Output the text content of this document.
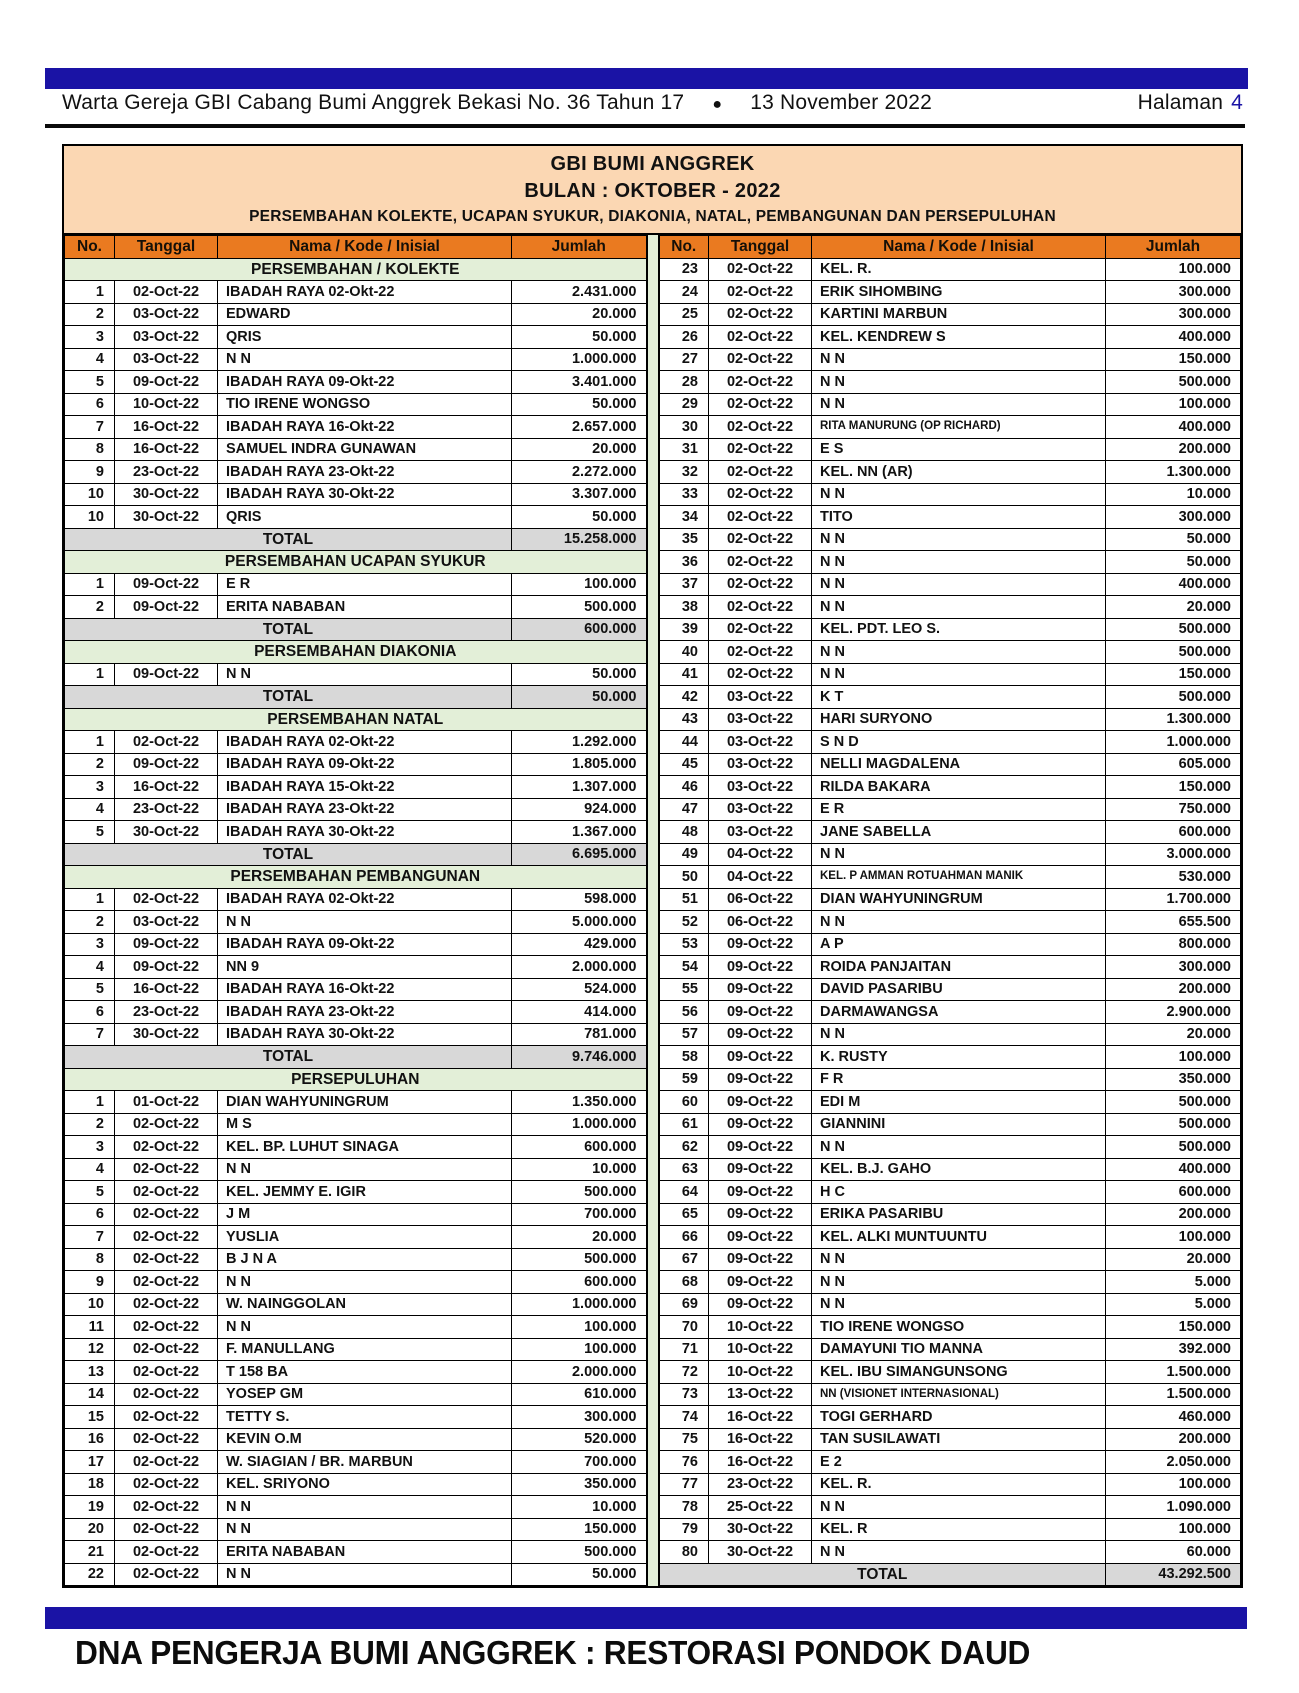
Warta Gereja GBI Cabang Bumi Anggrek Bekasi No. 36 Tahun 17 ● 13 November 2022	Halaman 4
GBI BUMI ANGGREK
BULAN : OKTOBER - 2022
PERSEMBAHAN KOLEKTE, UCAPAN SYUKUR, DIAKONIA, NATAL, PEMBANGUNAN DAN PERSEPULUHAN
No.	Tanggal	Nama / Kode / Inisial	Jumlah
PERSEMBAHAN / KOLEKTE			
1	02-Oct-22	IBADAH RAYA 02-Okt-22	2.431.000
2	03-Oct-22	EDWARD	20.000
3	03-Oct-22	QRIS	50.000
4	03-Oct-22	N N	1.000.000
5	09-Oct-22	IBADAH RAYA 09-Okt-22	3.401.000
6	10-Oct-22	TIO IRENE WONGSO	50.000
7	16-Oct-22	IBADAH RAYA 16-Okt-22	2.657.000
8	16-Oct-22	SAMUEL INDRA GUNAWAN	20.000
9	23-Oct-22	IBADAH RAYA 23-Okt-22	2.272.000
10	30-Oct-22	IBADAH RAYA 30-Okt-22	3.307.000
10	30-Oct-22	QRIS	50.000
TOTAL			15.258.000
PERSEMBAHAN UCAPAN SYUKUR			
1	09-Oct-22	E R	100.000
2	09-Oct-22	ERITA NABABAN	500.000
TOTAL			600.000
PERSEMBAHAN DIAKONIA			
1	09-Oct-22	N N	50.000
TOTAL			50.000
PERSEMBAHAN NATAL			
1	02-Oct-22	IBADAH RAYA 02-Okt-22	1.292.000
2	09-Oct-22	IBADAH RAYA 09-Okt-22	1.805.000
3	16-Oct-22	IBADAH RAYA 15-Okt-22	1.307.000
4	23-Oct-22	IBADAH RAYA 23-Okt-22	924.000
5	30-Oct-22	IBADAH RAYA 30-Okt-22	1.367.000
TOTAL			6.695.000
PERSEMBAHAN PEMBANGUNAN			
1	02-Oct-22	IBADAH RAYA 02-Okt-22	598.000
2	03-Oct-22	N N	5.000.000
3	09-Oct-22	IBADAH RAYA 09-Okt-22	429.000
4	09-Oct-22	NN 9	2.000.000
5	16-Oct-22	IBADAH RAYA 16-Okt-22	524.000
6	23-Oct-22	IBADAH RAYA 23-Okt-22	414.000
7	30-Oct-22	IBADAH RAYA 30-Okt-22	781.000
TOTAL			9.746.000
PERSEPULUHAN			
1	01-Oct-22	DIAN WAHYUNINGRUM	1.350.000
2	02-Oct-22	M S	1.000.000
3	02-Oct-22	KEL. BP. LUHUT SINAGA	600.000
4	02-Oct-22	N N	10.000
5	02-Oct-22	KEL. JEMMY E. IGIR	500.000
6	02-Oct-22	J M	700.000
7	02-Oct-22	YUSLIA	20.000
8	02-Oct-22	B J N A	500.000
9	02-Oct-22	N N	600.000
10	02-Oct-22	W. NAINGGOLAN	1.000.000
11	02-Oct-22	N N	100.000
12	02-Oct-22	F. MANULLANG	100.000
13	02-Oct-22	T 158 BA	2.000.000
14	02-Oct-22	YOSEP GM	610.000
15	02-Oct-22	TETTY S.	300.000
16	02-Oct-22	KEVIN O.M	520.000
17	02-Oct-22	W. SIAGIAN / BR. MARBUN	700.000
18	02-Oct-22	KEL. SRIYONO	350.000
19	02-Oct-22	N N	10.000
20	02-Oct-22	N N	150.000
21	02-Oct-22	ERITA NABABAN	500.000
22	02-Oct-22	N N	50.000
No.	Tanggal	Nama / Kode / Inisial	Jumlah
23	02-Oct-22	KEL. R.	100.000
24	02-Oct-22	ERIK SIHOMBING	300.000
25	02-Oct-22	KARTINI MARBUN	300.000
26	02-Oct-22	KEL. KENDREW S	400.000
27	02-Oct-22	N N	150.000
28	02-Oct-22	N N	500.000
29	02-Oct-22	N N	100.000
30	02-Oct-22	RITA MANURUNG (OP RICHARD)	400.000
31	02-Oct-22	E S	200.000
32	02-Oct-22	KEL. NN (AR)	1.300.000
33	02-Oct-22	N N	10.000
34	02-Oct-22	TITO	300.000
35	02-Oct-22	N N	50.000
36	02-Oct-22	N N	50.000
37	02-Oct-22	N N	400.000
38	02-Oct-22	N N	20.000
39	02-Oct-22	KEL. PDT. LEO S.	500.000
40	02-Oct-22	N N	500.000
41	02-Oct-22	N N	150.000
42	03-Oct-22	K T	500.000
43	03-Oct-22	HARI SURYONO	1.300.000
44	03-Oct-22	S N D	1.000.000
45	03-Oct-22	NELLI MAGDALENA	605.000
46	03-Oct-22	RILDA BAKARA	150.000
47	03-Oct-22	E R	750.000
48	03-Oct-22	JANE SABELLA	600.000
49	04-Oct-22	N N	3.000.000
50	04-Oct-22	KEL. P AMMAN ROTUAHMAN MANIK	530.000
51	06-Oct-22	DIAN WAHYUNINGRUM	1.700.000
52	06-Oct-22	N N	655.500
53	09-Oct-22	A P	800.000
54	09-Oct-22	ROIDA PANJAITAN	300.000
55	09-Oct-22	DAVID PASARIBU	200.000
56	09-Oct-22	DARMAWANGSA	2.900.000
57	09-Oct-22	N N	20.000
58	09-Oct-22	K. RUSTY	100.000
59	09-Oct-22	F R	350.000
60	09-Oct-22	EDI M	500.000
61	09-Oct-22	GIANNINI	500.000
62	09-Oct-22	N N	500.000
63	09-Oct-22	KEL. B.J. GAHO	400.000
64	09-Oct-22	H C	600.000
65	09-Oct-22	ERIKA PASARIBU	200.000
66	09-Oct-22	KEL. ALKI MUNTUUNTU	100.000
67	09-Oct-22	N N	20.000
68	09-Oct-22	N N	5.000
69	09-Oct-22	N N	5.000
70	10-Oct-22	TIO IRENE WONGSO	150.000
71	10-Oct-22	DAMAYUNI TIO MANNA	392.000
72	10-Oct-22	KEL. IBU SIMANGUNSONG	1.500.000
73	13-Oct-22	NN (VISIONET INTERNASIONAL)	1.500.000
74	16-Oct-22	TOGI GERHARD	460.000
75	16-Oct-22	TAN SUSILAWATI	200.000
76	16-Oct-22	E 2	2.050.000
77	23-Oct-22	KEL. R.	100.000
78	25-Oct-22	N N	1.090.000
79	30-Oct-22	KEL. R	100.000
80	30-Oct-22	N N	60.000
TOTAL			43.292.500
DNA PENGERJA BUMI ANGGREK : RESTORASI PONDOK DAUD
